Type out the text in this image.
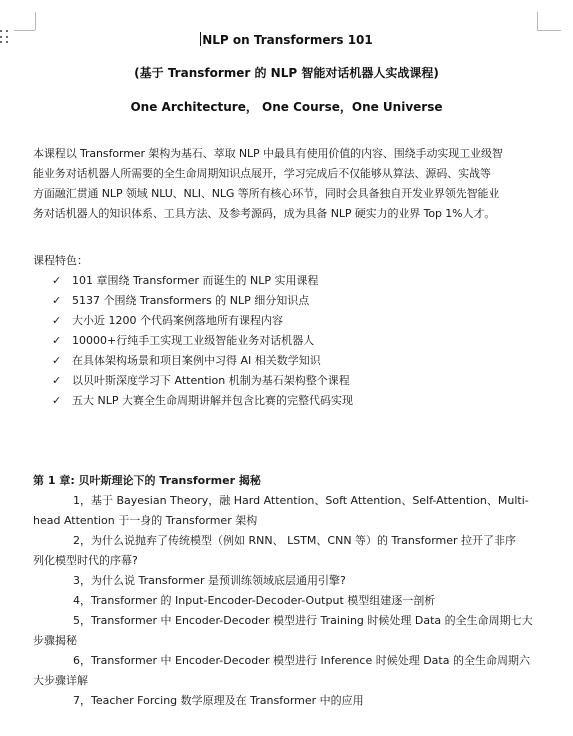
NLP on Transformers 101
(基于 Transformer 的 NLP 智能对话机器人实战课程)
One Architecture， One Course，One Universe
本课程以 Transformer 架构为基石、萃取 NLP 中最具有使用价值的内容、围绕手动实现工业级智
能业务对话机器人所需要的全生命周期知识点展开，学习完成后不仅能够从算法、源码、实战等
方面融汇贯通 NLP 领域 NLU、NLI、NLG 等所有核心环节，同时会具备独自开发业界领先智能业
务对话机器人的知识体系、工具方法、及参考源码，成为具备 NLP 硬实力的业界 Top 1%人才。
课程特色：
✓ 101 章围绕 Transformer 而诞生的 NLP 实用课程
✓ 5137 个围绕 Transformers 的 NLP 细分知识点
✓ 大小近 1200 个代码案例落地所有课程内容
✓ 10000+行纯手工实现工业级智能业务对话机器人
✓ 在具体架构场景和项目案例中习得 AI 相关数学知识
✓ 以贝叶斯深度学习下 Attention 机制为基石架构整个课程
✓ 五大 NLP 大赛全生命周期讲解并包含比赛的完整代码实现
第 1 章: 贝叶斯理论下的 Transformer 揭秘
1，基于 Bayesian Theory，融 Hard Attention、Soft Attention、Self-Attention、Multi-
head Attention 于一身的 Transformer 架构
2，为什么说抛弃了传统模型（例如 RNN、 LSTM、CNN 等）的 Transformer 拉开了非序
列化模型时代的序幕?
3，为什么说 Transformer 是预训练领域底层通用引擎?
4，Transformer 的 Input-Encoder-Decoder-Output 模型组建逐一剖析
5，Transformer 中 Encoder-Decoder 模型进行 Training 时候处理 Data 的全生命周期七大
步骤揭秘
6，Transformer 中 Encoder-Decoder 模型进行 Inference 时候处理 Data 的全生命周期六
大步骤详解
7，Teacher Forcing 数学原理及在 Transformer 中的应用
